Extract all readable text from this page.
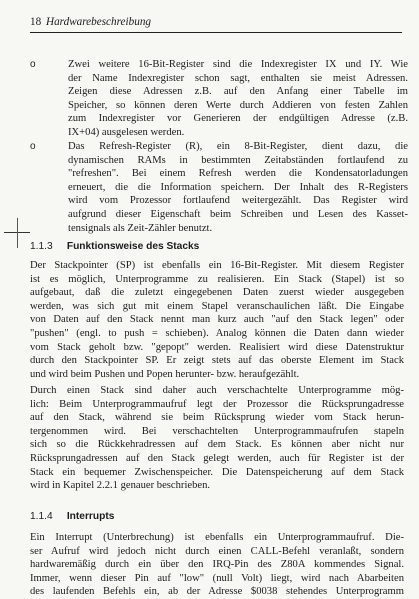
18 Hardwarebeschreibung
o	Zwei weitere 16-Bit-Register sind die Indexregister IX und IY. Wie
der Name Indexregister schon sagt, enthalten sie meist Adressen.
Zeigen diese Adressen z.B. auf den Anfang einer Tabelle im
Speicher, so können deren Werte durch Addieren von festen Zahlen
zum Indexregister vor Generieren der endgültigen Adresse (z.B.
IX+04) ausgelesen werden.
o	Das Refresh-Register (R), ein 8-Bit-Register, dient dazu, die
dynamischen RAMs in bestimmten Zeitabständen fortlaufend zu
"refreshen". Bei einem Refresh werden die Kondensatorladungen
erneuert, die die Information speichern. Der Inhalt des R-Registers
wird vom Prozessor fortlaufend weitergezählt. Das Register wird
aufgrund dieser Eigenschaft beim Schreiben und Lesen des Kasset-
tensignals als Zeit-Zähler benutzt.
1.1.3 Funktionsweise des Stacks
Der Stackpointer (SP) ist ebenfalls ein 16-Bit-Register. Mit diesem Register
ist es möglich, Unterprogramme zu realisieren. Ein Stack (Stapel) ist so
aufgebaut, daß die zuletzt eingegebenen Daten zuerst wieder ausgegeben
werden, was sich gut mit einem Stapel veranschaulichen läßt. Die Eingabe
von Daten auf den Stack nennt man kurz auch "auf den Stack legen" oder
"pushen" (engl. to push = schieben). Analog können die Daten dann wieder
vom Stack geholt bzw. "gepopt" werden. Realisiert wird diese Datenstruktur
durch den Stackpointer SP. Er zeigt stets auf das oberste Element im Stack
und wird beim Pushen und Popen herunter- bzw. heraufgezählt.
Durch einen Stack sind daher auch verschachtelte Unterprogramme mög-
lich: Beim Unterprogrammaufruf legt der Prozessor die Rücksprungadresse
auf den Stack, während sie beim Rücksprung wieder vom Stack herun-
tergenommen wird. Bei verschachtelten Unterprogrammaufrufen stapeln
sich so die Rückkehradressen auf dem Stack. Es können aber nicht nur
Rücksprungadressen auf den Stack gelegt werden, auch für Register ist der
Stack ein bequemer Zwischenspeicher. Die Datenspeicherung auf dem Stack
wird in Kapitel 2.2.1 genauer beschrieben.
1.1.4 Interrupts
Ein Interrupt (Unterbrechung) ist ebenfalls ein Unterprogrammaufruf. Die-
ser Aufruf wird jedoch nicht durch einen CALL-Befehl veranlaßt, sondern
hardwaremäßig durch ein über den IRQ-Pin des Z80A kommendes Signal.
Immer, wenn dieser Pin auf "low" (null Volt) liegt, wird nach Abarbeiten
des laufenden Befehls ein, ab der Adresse $0038 stehendes Unterprogramm
